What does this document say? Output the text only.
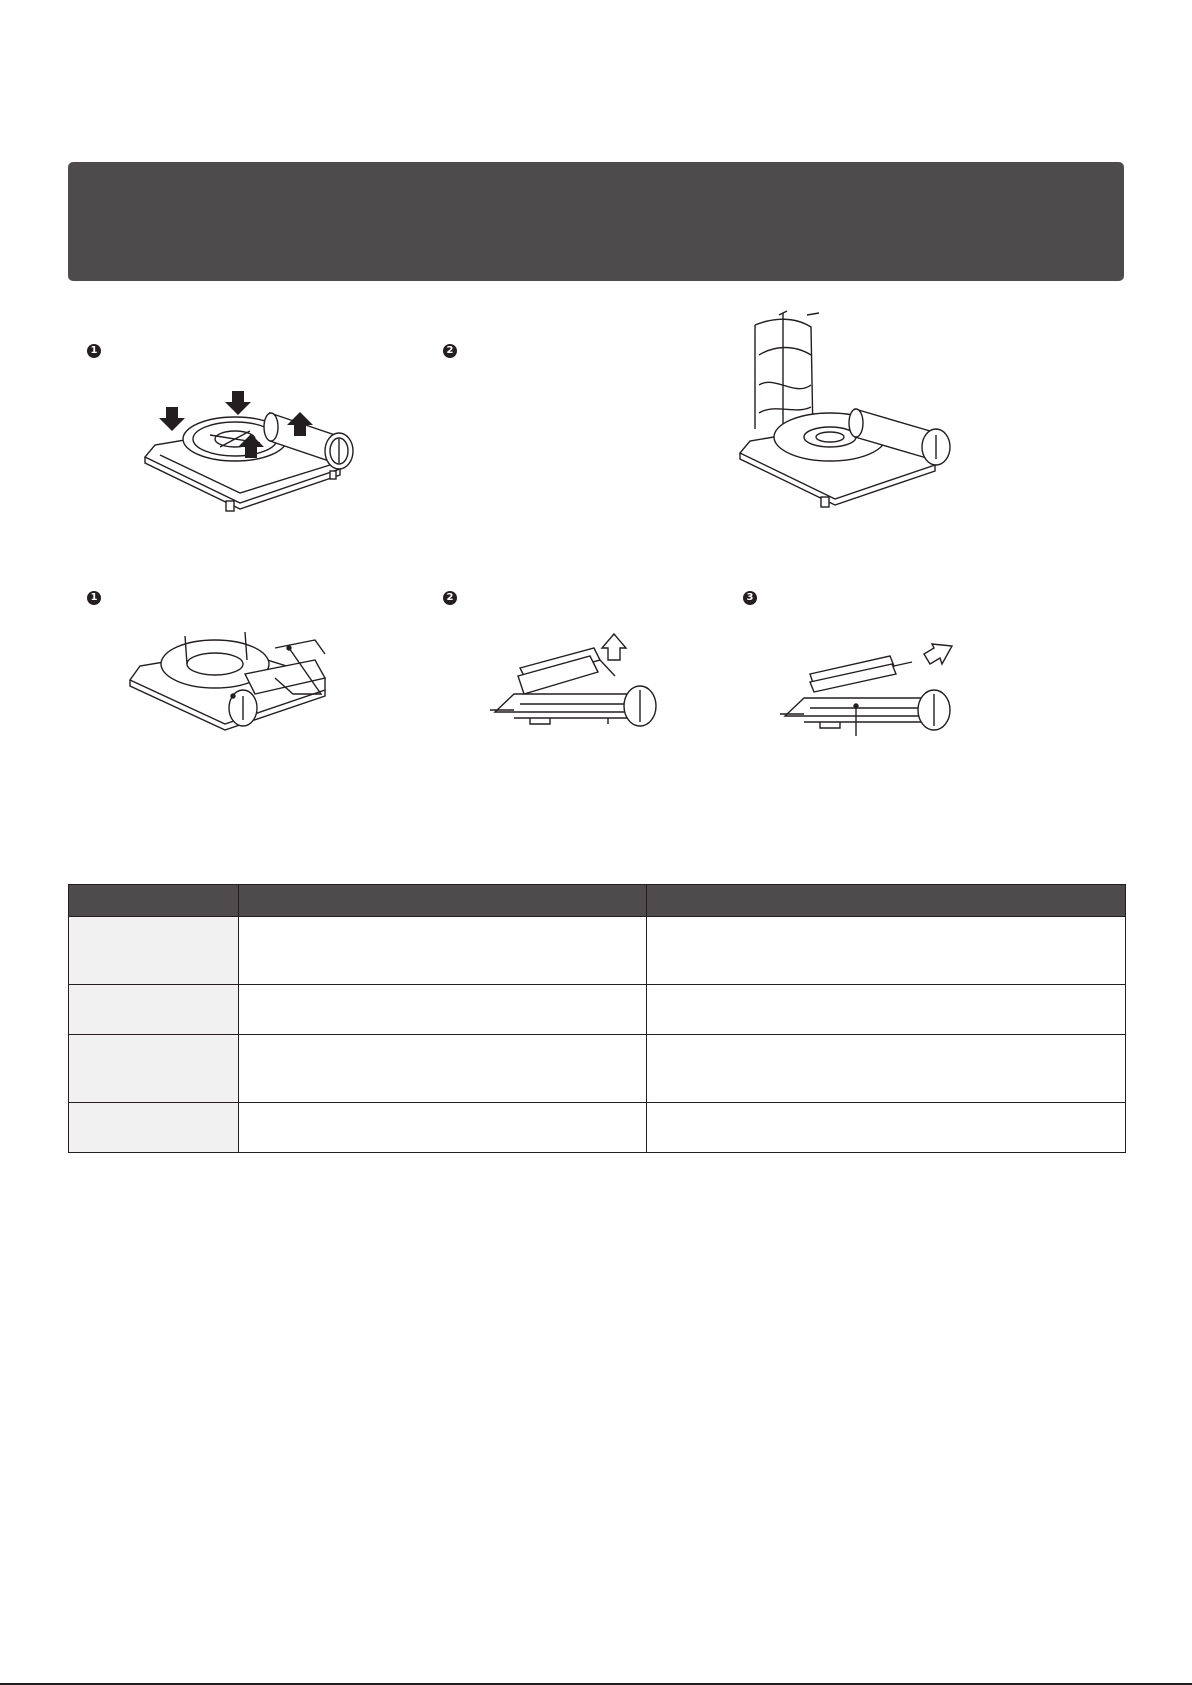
1	2
1	2	3
